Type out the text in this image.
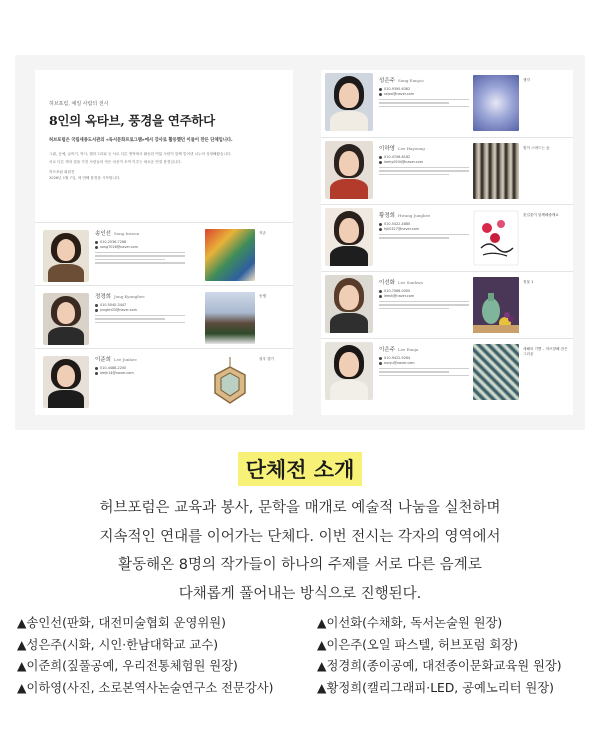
허브포럼, 예일 사람의 전시
8인의 옥타브, 풍경을 연주하다
허브포럼은 국립세종도서관의 «독서문화프로그램»에서 강사로 활동했던 이들이 만든 단체입니다.

그림, 공예, 글씨기, 역사, 캘리그라피 등 서로 다른 영역에서 활동한 여덟 사람이 함께 빚어낸 나누어 성장해왔습니다.

서로 다른 색과 결을 가진 사람들의 작은 마음이 모여 이루는 새로운 연결 풍경입니다.

허브포럼 회원전
2026년 1월 7일, 세 번째 풍경을 시작합니다.
송인선 Song Inseon
010-2036-7266
song7026@naver.com
자존
정경희 Jung Kyunghee
010-5040-3447
jungkh03@naver.com
동행
이준희 Lee Junhee
010-4488-2200
leejh14@naver.com
청우 향기
성은주 Sung Eunjoo
010-9390-6362
sejoo@naver.com
생각
이하영 Lee Hayoung
010-4706-8182
leehy0504@naver.com
빛이 스며드는 숲
황정희 Hwang Junghee
010-5422-4880
hjh0327@naver.com
꽃길꽃이 함께해줄께요
이선화 Lee Sunhwa
010-7066-0000
leesh@naver.com
정물 1
이은주 Lee Eunju
010-9422-9264
eunju@naver.com
새해의 기쁨 – 허브향해 찬은 그리움
단체전 소개
허브포럼은 교육과 봉사, 문학을 매개로 예술적 나눔을 실천하며
지속적인 연대를 이어가는 단체다. 이번 전시는 각자의 영역에서
활동해온 8명의 작가들이 하나의 주제를 서로 다른 음계로
다채롭게 풀어내는 방식으로 진행된다.
▲송인선(판화, 대전미술협회 운영위원)
▲성은주(시화, 시인·한남대학교 교수)
▲이준희(짚풀공예, 우리전통체험원 원장)
▲이하영(사진, 소로본역사논술연구소 전문강사)
▲이선화(수채화, 독서논술원 원장)
▲이은주(오일 파스텔, 허브포럼 회장)
▲정경희(종이공예, 대전종이문화교육원 원장)
▲황정희(캘리그래피·LED, 공예노리터 원장)
